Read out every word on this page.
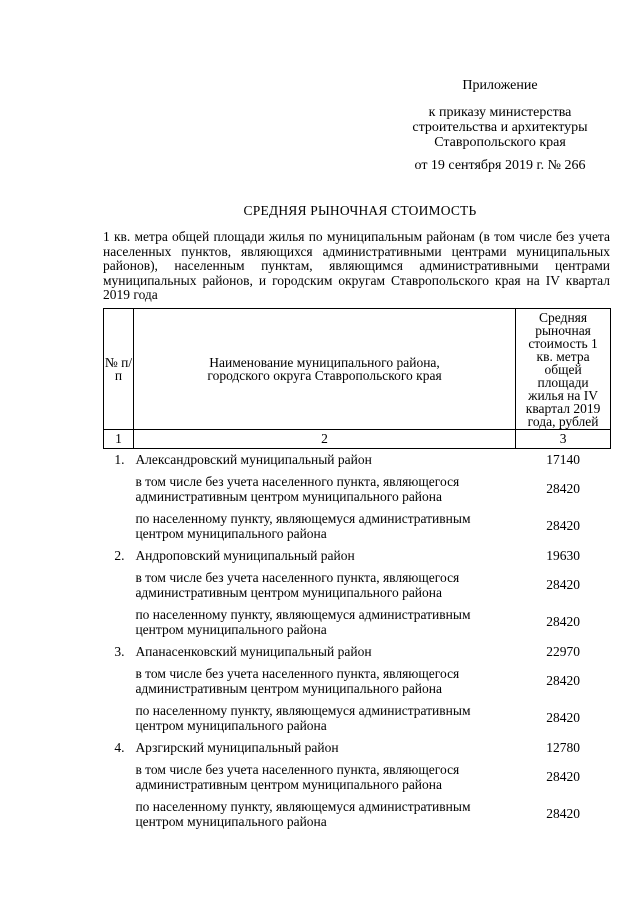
Приложение
к приказу министерства
строительства и архитектуры
Ставропольского края
от 19 сентября 2019 г. № 266
СРЕДНЯЯ РЫНОЧНАЯ СТОИМОСТЬ
1 кв. метра общей площади жилья по муниципальным районам (в том числе без учета населенных пунктов, являющихся административными центрами муниципальных районов), населенным пунктам, являющимся административными центрами муниципальных районов, и городским округам Ставропольского края на IV квартал 2019 года
№ п/п	Наименование муниципального района, городского округа Ставропольского края	Средняя рыночная стоимость 1 кв. метра общей площади жилья на IV квартал 2019 года, рублей
1	2	3
1.	Александровский муниципальный район	17140
	в том числе без учета населенного пункта, являющегося административным центром муниципального района	28420
	по населенному пункту, являющемуся административным центром муниципального района	28420
2.	Андроповский муниципальный район	19630
	в том числе без учета населенного пункта, являющегося административным центром муниципального района	28420
	по населенному пункту, являющемуся административным центром муниципального района	28420
3.	Апанасенковский муниципальный район	22970
	в том числе без учета населенного пункта, являющегося административным центром муниципального района	28420
	по населенному пункту, являющемуся административным центром муниципального района	28420
4.	Арзгирский муниципальный район	12780
	в том числе без учета населенного пункта, являющегося административным центром муниципального района	28420
	по населенному пункту, являющемуся административным центром муниципального района	28420
